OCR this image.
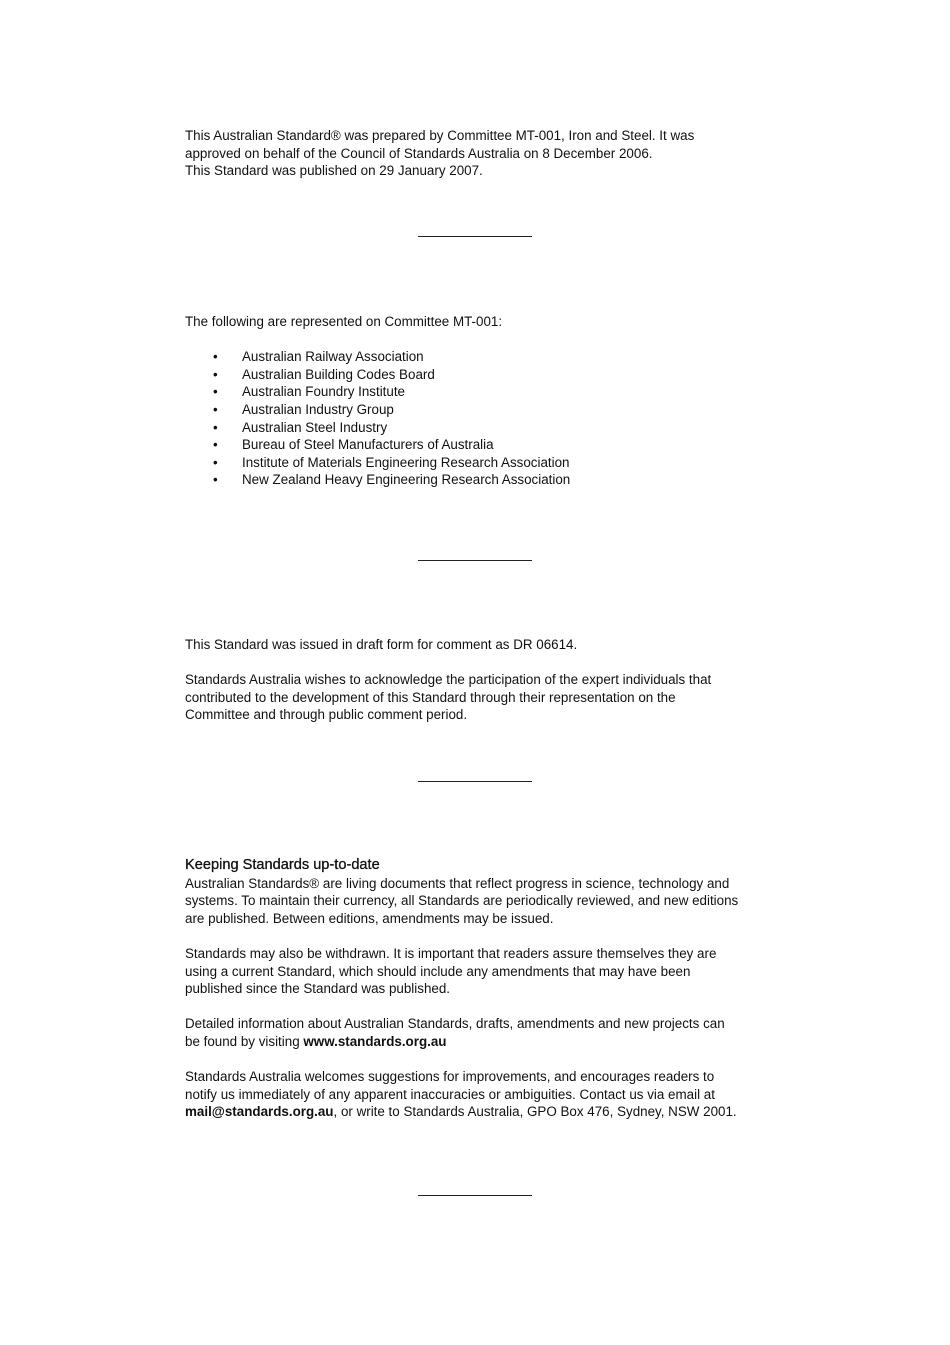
This Australian Standard® was prepared by Committee MT-001, Iron and Steel. It was

approved on behalf of the Council of Standards Australia on 8 December 2006.

This Standard was published on 29 January 2007.

The following are represented on Committee MT-001:

• Australian Railway Association
• Australian Building Codes Board
• Australian Foundry Institute
• Australian Industry Group
• Australian Steel Industry
• Bureau of Steel Manufacturers of Australia
• Institute of Materials Engineering Research Association
• New Zealand Heavy Engineering Research Association

This Standard was issued in draft form for comment as DR 06614.

Standards Australia wishes to acknowledge the participation of the expert individuals that

contributed to the development of this Standard through their representation on the

Committee and through public comment period.

Keeping Standards up-to-date

Australian Standards® are living documents that reflect progress in science, technology and

systems. To maintain their currency, all Standards are periodically reviewed, and new editions

are published. Between editions, amendments may be issued.

Standards may also be withdrawn. It is important that readers assure themselves they are

using a current Standard, which should include any amendments that may have been

published since the Standard was published.

Detailed information about Australian Standards, drafts, amendments and new projects can

be found by visiting www.standards.org.au

Standards Australia welcomes suggestions for improvements, and encourages readers to

notify us immediately of any apparent inaccuracies or ambiguities. Contact us via email at

mail@standards.org.au, or write to Standards Australia, GPO Box 476, Sydney, NSW 2001.
